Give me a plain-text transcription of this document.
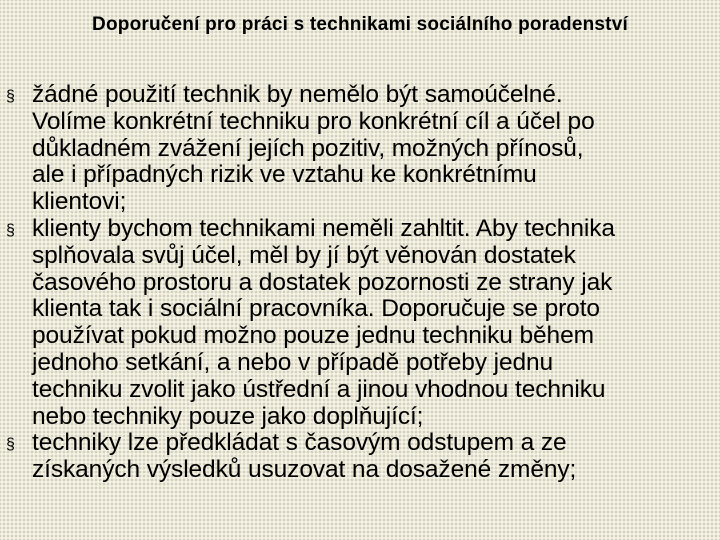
Doporučení pro práci s technikami sociálního poradenství
§ žádné použití technik by nemělo být samoúčelné.
Volíme konkrétní techniku pro konkrétní cíl a účel po
důkladném zvážení jejích pozitiv, možných přínosů,
ale i případných rizik ve vztahu ke konkrétnímu
klientovi;
§ klienty bychom technikami neměli zahltit. Aby technika
splňovala svůj účel, měl by jí být věnován dostatek
časového prostoru a dostatek pozornosti ze strany jak
klienta tak i sociální pracovníka. Doporučuje se proto
používat pokud možno pouze jednu techniku během
jednoho setkání, a nebo v případě potřeby jednu
techniku zvolit jako ústřední a jinou vhodnou techniku
nebo techniky pouze jako doplňující;
§ techniky lze předkládat s časovým odstupem a ze
získaných výsledků usuzovat na dosažené změny;
